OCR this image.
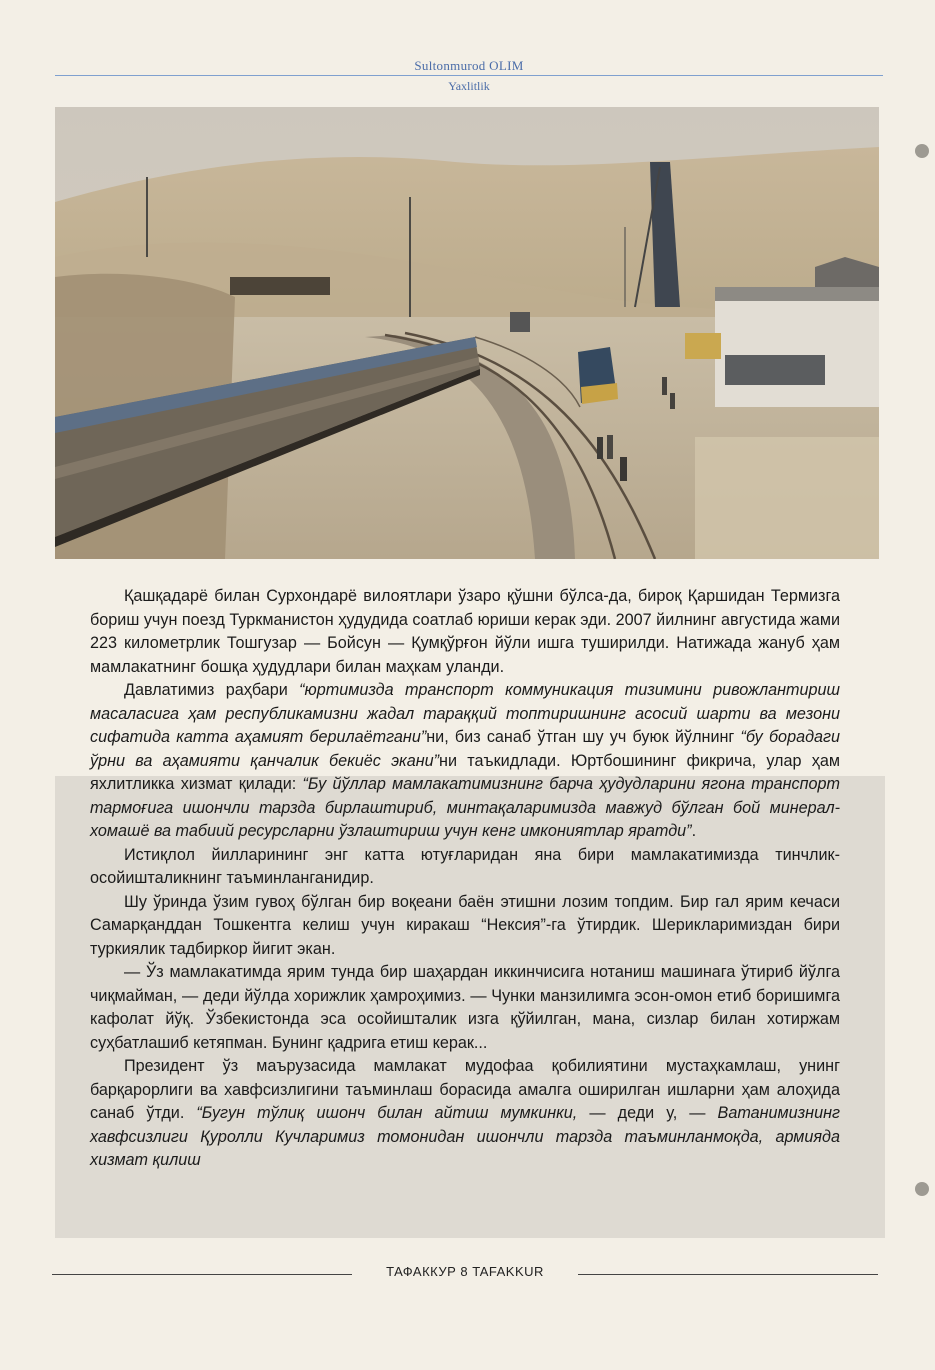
Sultonmurod OLIM
Yaxlitlik

Қашқадарё билан Сурхондарё вилоятлари ўзаро қўшни бўлса-да, бироқ Қаршидан Термизга бориш учун поезд Туркманистон ҳудудида соатлаб юриши керак эди. 2007 йилнинг августида жами 223 километрлик Тошгузар — Бойсун — Қумқўрғон йўли ишга туширилди. Натижада жануб ҳам мамлакатнинг бошқа ҳудудлари билан маҳкам уланди.

Давлатимиз раҳбари “юртимизда транспорт коммуникация тизимини ривожлантириш масаласига ҳам республикамизни жадал тараққий топтиришнинг асосий шарти ва мезони сифатида катта аҳамият берилаётгани”ни, биз санаб ўтган шу уч буюк йўлнинг “бу борадаги ўрни ва аҳамияти қанчалик бекиёс экани”ни таъкидлади. Юртбошининг фикрича, улар ҳам яхлитликка хизмат қилади: “Бу йўллар мамлакатимизнинг барча ҳудудларини ягона транспорт тармоғига ишончли тарзда бирлаштириб, минтақаларимизда мавжуд бўлган бой минерал-хомашё ва табиий ресурсларни ўзлаштириш учун кенг имкониятлар яратди”.

Истиқлол йилларининг энг катта ютуғларидан яна бири мамлакатимизда тинчлик-осойишталикнинг таъминланганидир.

Шу ўринда ўзим гувоҳ бўлган бир воқеани баён этишни лозим топдим. Бир гал ярим кечаси Самарқанддан Тошкентга келиш учун киракаш “Нексия”-га ўтирдик. Шерикларимиздан бири туркиялик тадбиркор йигит экан.

— Ўз мамлакатимда ярим тунда бир шаҳардан иккинчисига нотаниш машинага ўтириб йўлга чиқмайман, — деди йўлда хорижлик ҳамроҳимиз. — Чунки манзилимга эсон-омон етиб боришимга кафолат йўқ. Ўзбекистонда эса осойишталик изга қўйилган, мана, сизлар билан хотиржам суҳбатлашиб кетяпман. Бунинг қадрига етиш керак...

Президент ўз маърузасида мамлакат мудофаа қобилиятини мустаҳкамлаш, унинг барқарорлиги ва хавфсизлигини таъминлаш борасида амалга оширилган ишларни ҳам алоҳида санаб ўтди. “Бугун тўлиқ ишонч билан айтиш мумкинки, — деди у, — Ватанимизнинг хавфсизлиги Қуролли Кучларимиз томонидан ишончли тарзда таъминланмоқда, армияда хизмат қилиш

ТАФАККУР 8 TAFAKKUR
